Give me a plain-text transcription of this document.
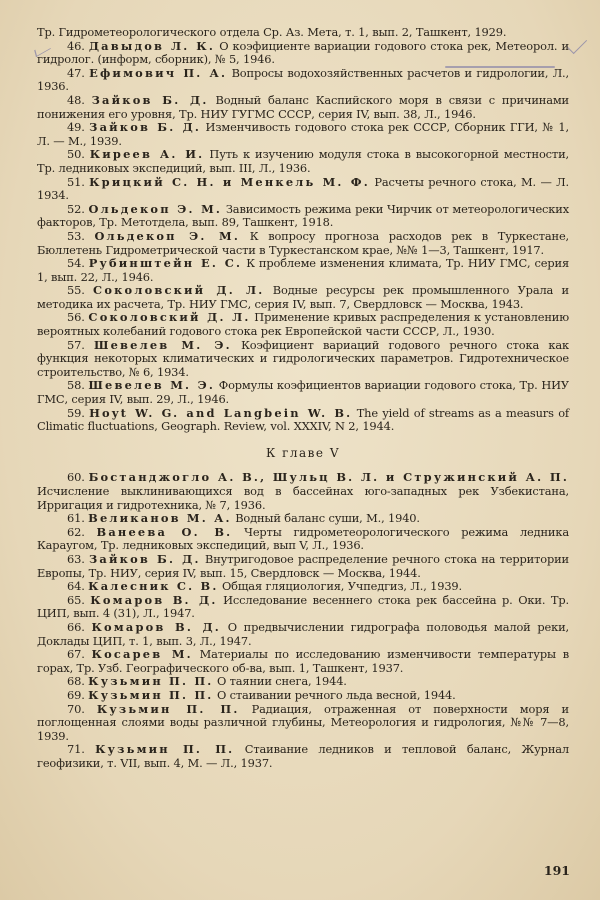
Тр. Гидрометеорологического отдела Ср. Аз. Мета, т. 1, вып. 2, Ташкент, 1929.

46. Давыдов Л. К. О коэфициенте вариации годового стока рек, Метеорол. и гидролог. (информ, сборник), № 5, 1946.

47. Ефимович П. А. Вопросы водохозяйственных расчетов и гидрологии, Л., 1936.

48. Зайков Б. Д. Водный баланс Каспийского моря в связи с причинами понижения его уровня, Тр. НИУ ГУГМС СССР, серия IV, вып. 38, Л., 1946.

49. Зайков Б. Д. Изменчивость годового стока рек СССР, Сборник ГГИ, № 1, Л. — М., 1939.

50. Киреев А. И. Путь к изучению модуля стока в высокогорной местности, Тр. ледниковых экспедиций, вып. III, Л., 1936.

51. Крицкий С. Н. и Менкель М. Ф. Расчеты речного стока, М. — Л. 1934.

52. Ольдекоп Э. М. Зависимость режима реки Чирчик от метеорологических факторов, Тр. Метотдела, вып. 89, Ташкент, 1918.

53. Ольдекоп Э. М. К вопросу прогноза расходов рек в Туркестане, Бюллетень Гидрометрической части в Туркестанском крае, №№ 1—3, Ташкент, 1917.

54. Рубинштейн Е. С. К проблеме изменения климата, Тр. НИУ ГМС, серия 1, вып. 22, Л., 1946.

55. Соколовский Д. Л. Водные ресурсы рек промышленного Урала и методика их расчета, Тр. НИУ ГМС, серия IV, вып. 7, Свердловск — Москва, 1943.

56. Соколовский Д. Л. Применение кривых распределения к установлению вероятных колебаний годового стока рек Европейской части СССР, Л., 1930.

57. Шевелев М. Э. Коэфициент вариаций годового речного стока как функция некоторых климатических и гидрологических параметров. Гидротехническое строительство, № 6, 1934.

58. Шевелев М. Э. Формулы коэфициентов вариации годового стока, Тр. НИУ ГМС, серия IV, вып. 29, Л., 1946.

59. Hoyt W. G. and Langbein W. B. The yield of streams as a measurs of Climatic fluctuations, Geograph. Review, vol. XXXIV, N 2, 1944.

К главе V

60. Бостанджогло А. В., Шульц В. Л. и Стружинский А. П. Исчисление выклинивающихся вод в бассейнах юго-западных рек Узбекистана, Ирригация и гидротехника, № 7, 1936.

61. Великанов М. А. Водный баланс суши, М., 1940.

62. Ванеева О. В. Черты гидрометеорологического режима ледника Караугом, Тр. ледниковых экспедиций, вып V, Л., 1936.

63. Зайков Б. Д. Внутригодовое распределение речного стока на территории Европы, Тр. НИУ, серия IV, вып. 15, Свердловск — Москва, 1944.

64. Калесник С. В. Общая гляциология, Учпедгиз, Л., 1939.

65. Комаров В. Д. Исследование весеннего стока рек бассейна р. Оки. Тр. ЦИП, вып. 4 (31), Л., 1947.

66. Комаров В. Д. О предвычислении гидрографа половодья малой реки, Доклады ЦИП, т. 1, вып. 3, Л., 1947.

67. Косарев М. Материалы по исследованию изменчивости температуры в горах, Тр. Узб. Географического об-ва, вып. 1, Ташкент, 1937.

68. Кузьмин П. П. О таянии снега, 1944.

69. Кузьмин П. П. О стаивании речного льда весной, 1944.

70. Кузьмин П. П. Радиация, отраженная от поверхности моря и поглощенная слоями воды различной глубины, Метеорология и гидрология, №№ 7—8, 1939.

71. Кузьмин П. П. Стаивание ледников и тепловой баланс, Журнал геофизики, т. VII, вып. 4, М. — Л., 1937.

191
